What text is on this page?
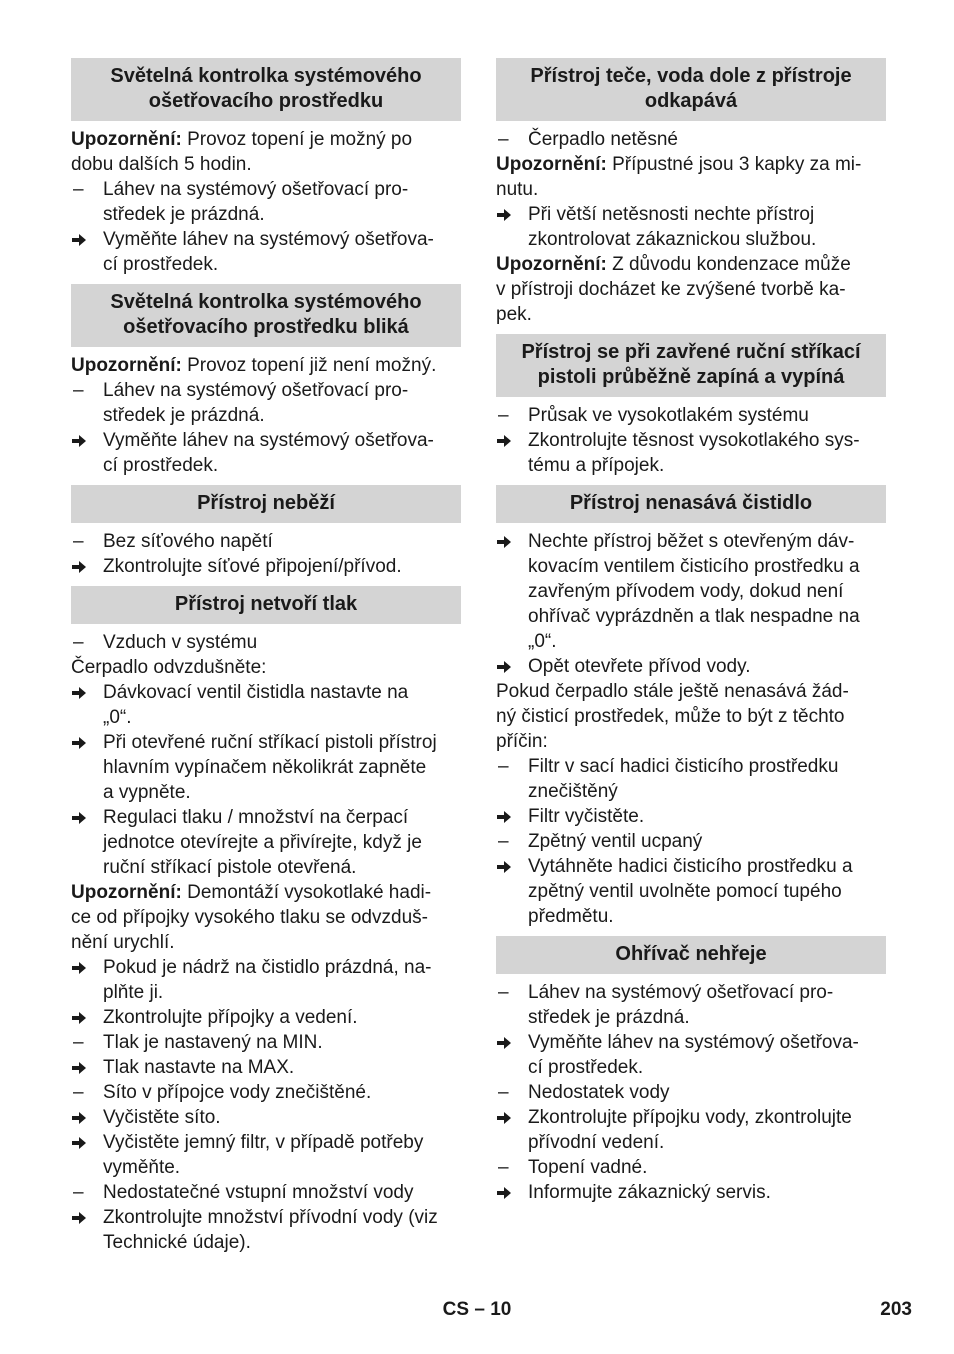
Světelná kontrolka systémového
ošetřovacího prostředku
Upozornění: Provoz topení je možný po
dobu dalších 5 hodin.
–	Láhev na systémový ošetřovací pro-
středek je prázdná.
Vyměňte láhev na systémový ošetřova-
cí prostředek.
Světelná kontrolka systémového
ošetřovacího prostředku bliká
Upozornění: Provoz topení již není možný.
–	Láhev na systémový ošetřovací pro-
středek je prázdná.
Vyměňte láhev na systémový ošetřova-
cí prostředek.
Přístroj neběží
–	Bez síťového napětí
Zkontrolujte síťové připojení/přívod.
Přístroj netvoří tlak
–	Vzduch v systému
Čerpadlo odvzdušněte:
Dávkovací ventil čistidla nastavte na
„0“.
Při otevřené ruční stříkací pistoli přístroj
hlavním vypínačem několikrát zapněte
a vypněte.
Regulaci tlaku / množství na čerpací
jednotce otevírejte a přivírejte, když je
ruční stříkací pistole otevřená.
Upozornění: Demontáží vysokotlaké hadi-
ce od přípojky vysokého tlaku se odvzduš-
nění urychlí.
Pokud je nádrž na čistidlo prázdná, na-
plňte ji.
Zkontrolujte přípojky a vedení.
–	Tlak je nastavený na MIN.
Tlak nastavte na MAX.
–	Síto v přípojce vody znečištěné.
Vyčistěte síto.
Vyčistěte jemný filtr, v případě potřeby
vyměňte.
–	Nedostatečné vstupní množství vody
Zkontrolujte množství přívodní vody (viz
Technické údaje).
Přístroj teče, voda dole z přístroje
odkapává
–	Čerpadlo netěsné
Upozornění: Přípustné jsou 3 kapky za mi-
nutu.
Při větší netěsnosti nechte přístroj
zkontrolovat zákaznickou službou.
Upozornění: Z důvodu kondenzace může
v přístroji docházet ke zvýšené tvorbě ka-
pek.
Přístroj se při zavřené ruční stříkací
pistoli průběžně zapíná a vypíná
–	Průsak ve vysokotlakém systému
Zkontrolujte těsnost vysokotlakého sys-
tému a přípojek.
Přístroj nenasává čistidlo
Nechte přístroj běžet s otevřeným dáv-
kovacím ventilem čisticího prostředku a
zavřeným přívodem vody, dokud není
ohřívač vyprázdněn a tlak nespadne na
„0“.
Opět otevřete přívod vody.
Pokud čerpadlo stále ještě nenasává žád-
ný čisticí prostředek, může to být z těchto
příčin:
–	Filtr v sací hadici čisticího prostředku
znečištěný
Filtr vyčistěte.
–	Zpětný ventil ucpaný
Vytáhněte hadici čisticího prostředku a
zpětný ventil uvolněte pomocí tupého
předmětu.
Ohřívač nehřeje
–	Láhev na systémový ošetřovací pro-
středek je prázdná.
Vyměňte láhev na systémový ošetřova-
cí prostředek.
–	Nedostatek vody
Zkontrolujte přípojku vody, zkontrolujte
přívodní vedení.
–	Topení vadné.
Informujte zákaznický servis.
CS – 10	203
